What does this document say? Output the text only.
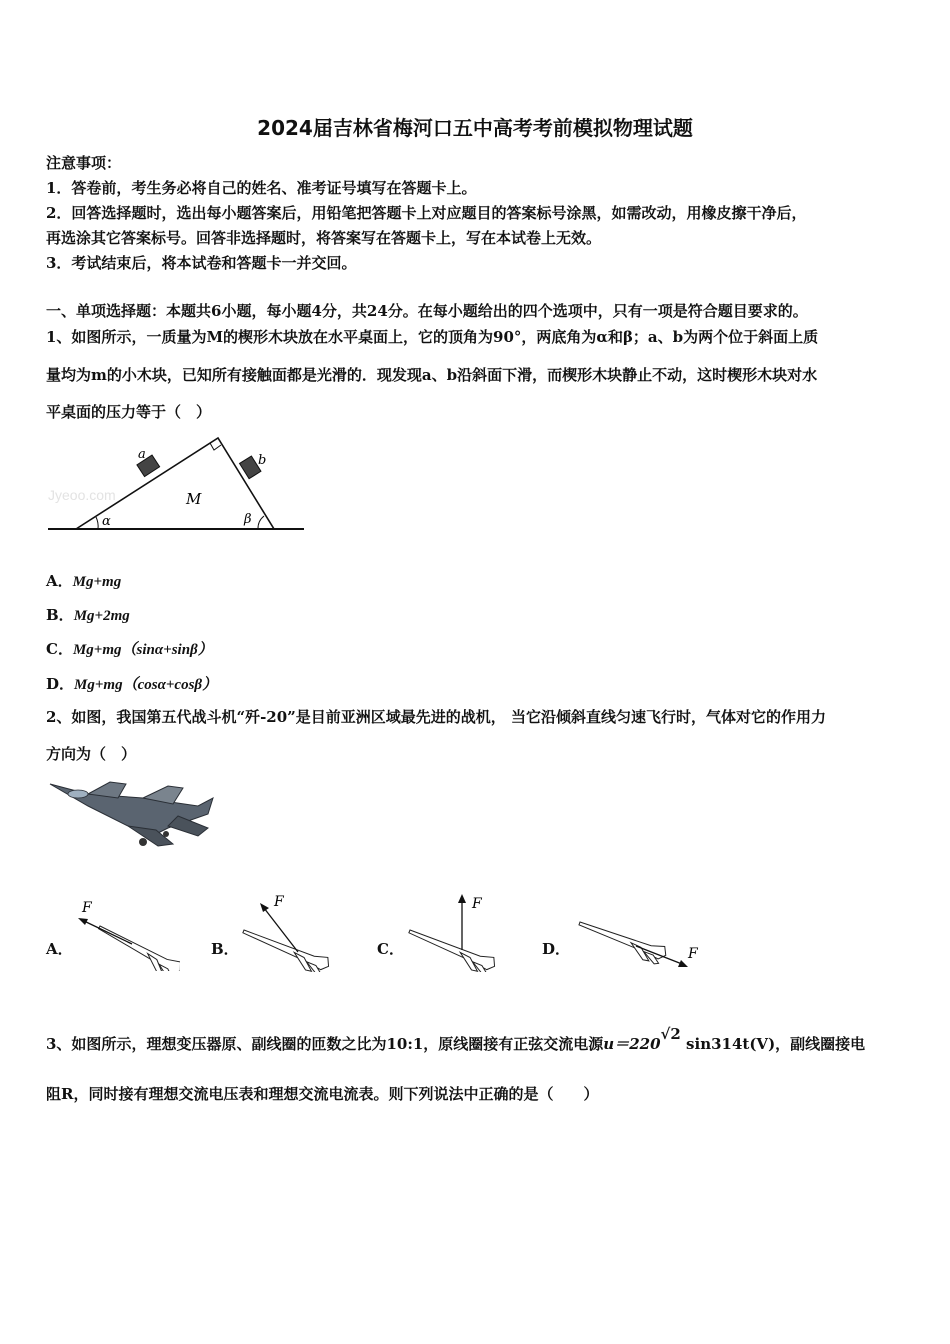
2024届吉林省梅河口五中高考考前模拟物理试题
注意事项：
1．答卷前，考生务必将自己的姓名、准考证号填写在答题卡上。
2．回答选择题时，选出每小题答案后，用铅笔把答题卡上对应题目的答案标号涂黑，如需改动，用橡皮擦干净后，
再选涂其它答案标号。回答非选择题时，将答案写在答题卡上，写在本试卷上无效。
3．考试结束后，将本试卷和答题卡一并交回。
一、单项选择题：本题共6小题，每小题4分，共24分。在每小题给出的四个选项中，只有一项是符合题目要求的。
1、如图所示，一质量为M的楔形木块放在水平桌面上，它的顶角为90°，两底角为α和β；a、b为两个位于斜面上质
量均为m的小木块，已知所有接触面都是光滑的．现发现a、b沿斜面下滑，而楔形木块静止不动，这时楔形木块对水
平桌面的压力等于（　）
Jyeoo.com
a	b
M
α	β
A．Mg+mg
B．Mg+2mg
C．Mg+mg（sinα+sinβ）
D．Mg+mg（cosα+cosβ）
2、如图，我国第五代战斗机“歼-20”是目前亚洲区域最先进的战机， 当它沿倾斜直线匀速飞行时，气体对它的作用力
方向为（　）
A．
F
B．
F
C．
F
D．	F
3、如图所示，理想变压器原、副线圈的匝数之比为10:1，原线圈接有正弦交流电源u＝220√2 sin314t(V)，副线圈接电
阻R，同时接有理想交流电压表和理想交流电流表。则下列说法中正确的是（　　）
